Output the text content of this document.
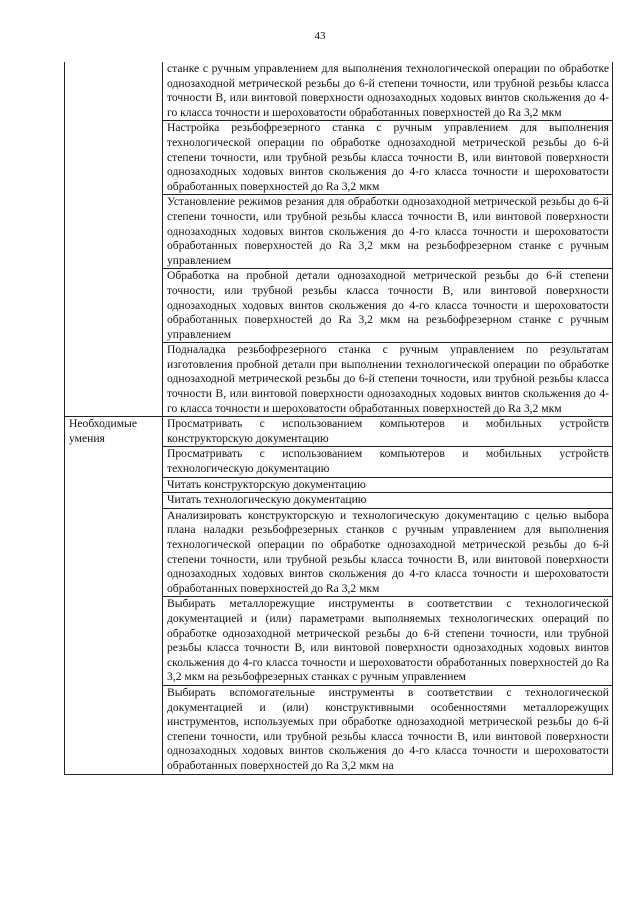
43
	станке с ручным управлением для выполнения технологической операции по обработке однозаходной метрической резьбы до 6-й степени точности, или трубной резьбы класса точности В, или винтовой поверхности однозаходных ходовых винтов скольжения до 4-го класса точности и шероховатости обработанных поверхностей до Ra 3,2 мкм
	Настройка резьбофрезерного станка с ручным управлением для выполнения технологической операции по обработке однозаходной метрической резьбы до 6-й степени точности, или трубной резьбы класса точности В, или винтовой поверхности однозаходных ходовых винтов скольжения до 4-го класса точности и шероховатости обработанных поверхностей до Ra 3,2 мкм
	Установление режимов резания для обработки однозаходной метрической резьбы до 6-й степени точности, или трубной резьбы класса точности В, или винтовой поверхности однозаходных ходовых винтов скольжения до 4-го класса точности и шероховатости обработанных поверхностей до Ra 3,2 мкм на резьбофрезерном станке с ручным управлением
	Обработка на пробной детали однозаходной метрической резьбы до 6-й степени точности, или трубной резьбы класса точности В, или винтовой поверхности однозаходных ходовых винтов скольжения до 4-го класса точности и шероховатости обработанных поверхностей до Ra 3,2 мкм на резьбофрезерном станке с ручным управлением
	Подналадка резьбофрезерного станка с ручным управлением по результатам изготовления пробной детали при выполнении технологической операции по обработке однозаходной метрической резьбы до 6-й степени точности, или трубной резьбы класса точности В, или винтовой поверхности однозаходных ходовых винтов скольжения до 4-го класса точности и шероховатости обработанных поверхностей до Ra 3,2 мкм
Необходимые умения	Просматривать с использованием компьютеров и мобильных устройств конструкторскую документацию
	Просматривать с использованием компьютеров и мобильных устройств технологическую документацию
	Читать конструкторскую документацию
	Читать технологическую документацию
	Анализировать конструкторскую и технологическую документацию с целью выбора плана наладки резьбофрезерных станков с ручным управлением для выполнения технологической операции по обработке однозаходной метрической резьбы до 6-й степени точности, или трубной резьбы класса точности В, или винтовой поверхности однозаходных ходовых винтов скольжения до 4-го класса точности и шероховатости обработанных поверхностей до Ra 3,2 мкм
	Выбирать металлорежущие инструменты в соответствии с технологической документацией и (или) параметрами выполняемых технологических операций по обработке однозаходной метрической резьбы до 6-й степени точности, или трубной резьбы класса точности В, или винтовой поверхности однозаходных ходовых винтов скольжения до 4-го класса точности и шероховатости обработанных поверхностей до Ra 3,2 мкм на резьбофрезерных станках с ручным управлением
	Выбирать вспомогательные инструменты в соответствии с технологической документацией и (или) конструктивными особенностями металлорежущих инструментов, используемых при обработке однозаходной метрической резьбы до 6-й степени точности, или трубной резьбы класса точности В, или винтовой поверхности однозаходных ходовых винтов скольжения до 4-го класса точности и шероховатости обработанных поверхностей до Ra 3,2 мкм на
